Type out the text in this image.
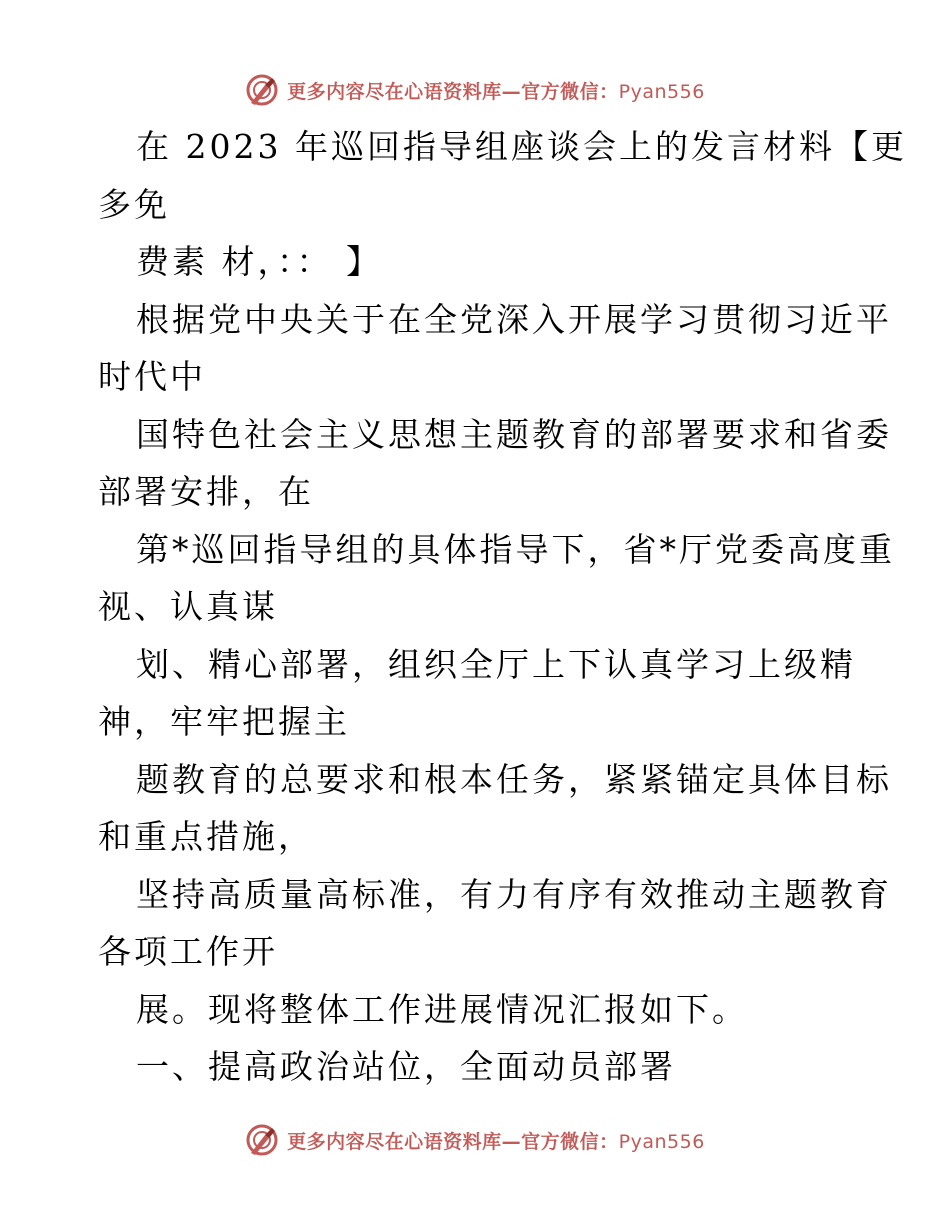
更多内容尽在心语资料库—官方微信：Pyan556
在 2023 年巡回指导组座谈会上的发言材料【更
多免
费素 材，：： 】
根据党中央关于在全党深入开展学习贯彻习近平
时代中
国特色社会主义思想主题教育的部署要求和省委
部署安排，在
第*巡回指导组的具体指导下，省*厅党委高度重
视、认真谋
划、精心部署，组织全厅上下认真学习上级精
神，牢牢把握主
题教育的总要求和根本任务，紧紧锚定具体目标
和重点措施，
坚持高质量高标准，有力有序有效推动主题教育
各项工作开
展。现将整体工作进展情况汇报如下。
一、提高政治站位，全面动员部署
更多内容尽在心语资料库—官方微信：Pyan556
